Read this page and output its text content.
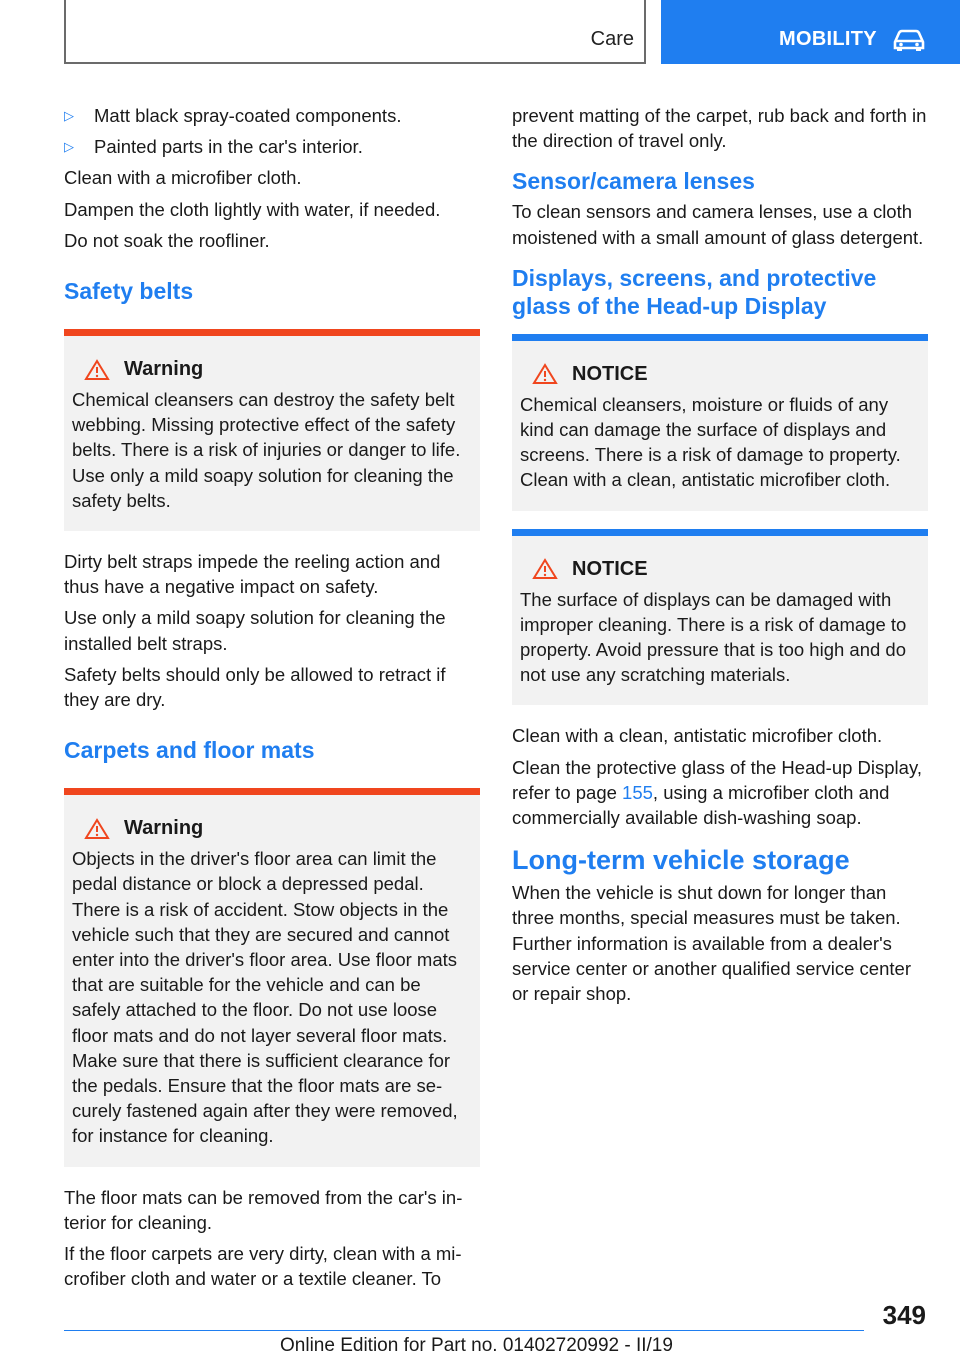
Care	MOBILITY
▷ Matt black spray-coated components.
▷ Painted parts in the car's interior.

Clean with a microfiber cloth.

Dampen the cloth lightly with water, if needed.

Do not soak the roofliner.

Safety belts
Warning

Chemical cleansers can destroy the safety belt webbing. Missing protective effect of the safety belts. There is a risk of injuries or danger to life. Use only a mild soapy solution for cleaning the safety belts.

Dirty belt straps impede the reeling action and thus have a negative impact on safety.

Use only a mild soapy solution for cleaning the installed belt straps.

Safety belts should only be allowed to retract if they are dry.

Carpets and floor mats
Warning

Objects in the driver's floor area can limit the pedal distance or block a depressed pedal. There is a risk of accident. Stow objects in the vehicle such that they are secured and cannot enter into the driver's floor area. Use floor mats that are suitable for the vehicle and can be safely attached to the floor. Do not use loose floor mats and do not layer several floor mats. Make sure that there is sufficient clearance for the pedals. Ensure that the floor mats are securely fastened again after they were removed, for instance for cleaning.

The floor mats can be removed from the car's interior for cleaning.

If the floor carpets are very dirty, clean with a microfiber cloth and water or a textile cleaner. To

prevent matting of the carpet, rub back and forth in the direction of travel only.

Sensor/camera lenses

To clean sensors and camera lenses, use a cloth moistened with a small amount of glass detergent.

Displays, screens, and protective glass of the Head-up Display
NOTICE

Chemical cleansers, moisture or fluids of any kind can damage the surface of displays and screens. There is a risk of damage to property. Clean with a clean, antistatic microfiber cloth.

NOTICE

The surface of displays can be damaged with improper cleaning. There is a risk of damage to property. Avoid pressure that is too high and do not use any scratching materials.

Clean with a clean, antistatic microfiber cloth.

Clean the protective glass of the Head-up Display, refer to page 155, using a microfiber cloth and commercially available dish-washing soap.

Long-term vehicle storage

When the vehicle is shut down for longer than three months, special measures must be taken. Further information is available from a dealer's service center or another qualified service center or repair shop.

349
Online Edition for Part no. 01402720992 - II/19
